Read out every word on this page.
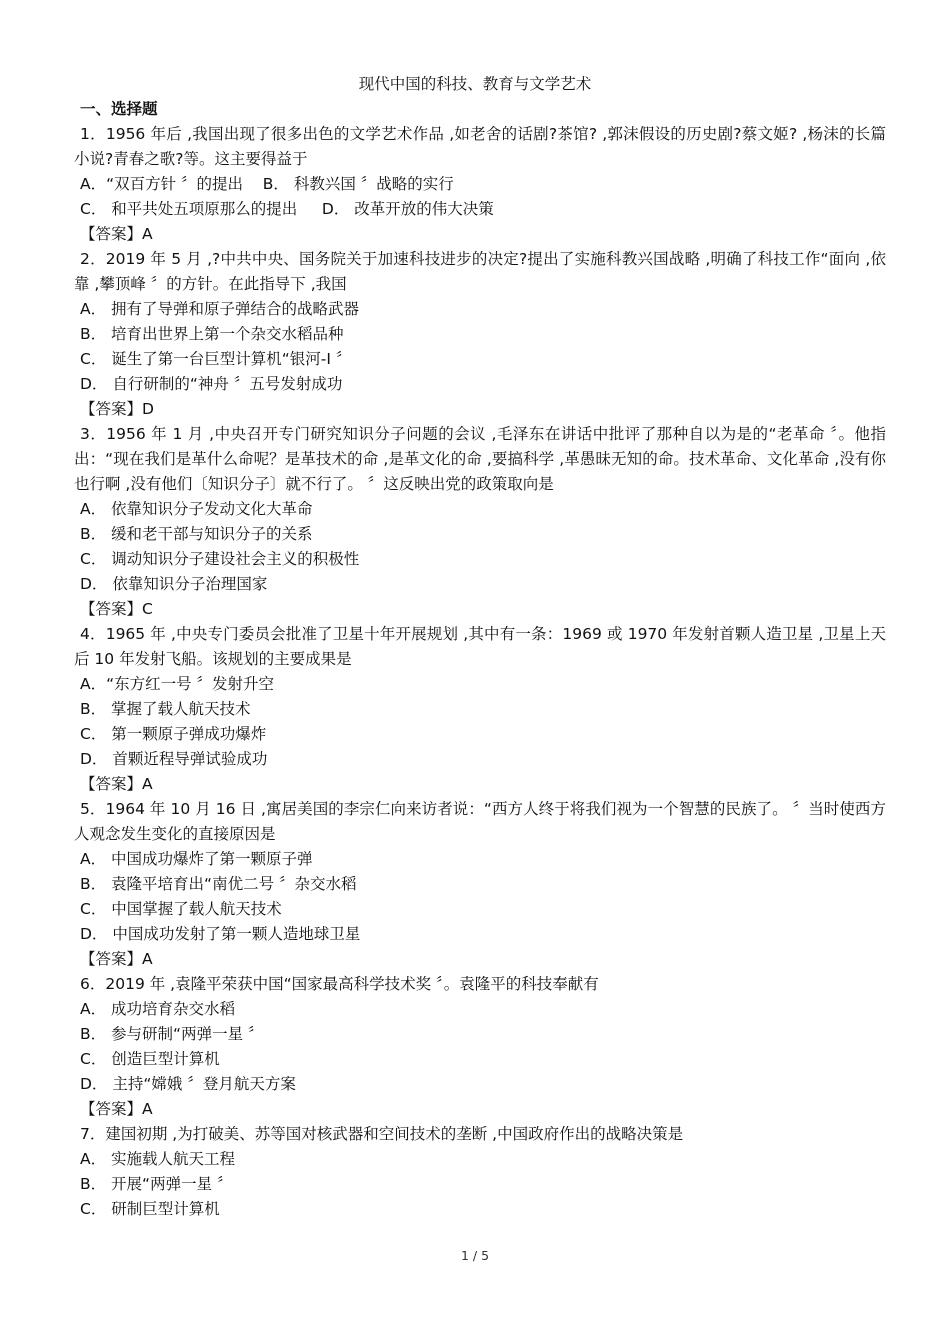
现代中国的科技、教育与文学艺术
一、选择题
1．1956 年后 ,我国出现了很多出色的文学艺术作品 ,如老舍的话剧?茶馆? ,郭沫假设的历史剧?蔡文姬? ,杨沫的长篇小说?青春之歌?等。这主要得益于
A．“双百方针 〞的提出    B． 科教兴国 〞战略的实行
C． 和平共处五项原那么的提出     D． 改革开放的伟大决策
【答案】A
2．2019 年 5 月 ,?中共中央、国务院关于加速科技进步的决定?提出了实施科教兴国战略 ,明确了科技工作“面向 ,依靠 ,攀顶峰 〞的方针。在此指导下 ,我国
A． 拥有了导弹和原子弹结合的战略武器
B． 培育出世界上第一个杂交水稻品种
C． 诞生了第一台巨型计算机“银河-I 〞
D． 自行研制的“神舟 〞五号发射成功
【答案】D
3．1956 年 1 月 ,中央召开专门研究知识分子问题的会议 ,毛泽东在讲话中批评了那种自以为是的“老革命 〞。他指出：“现在我们是革什么命呢？是革技术的命 ,是革文化的命 ,要搞科学 ,革愚昧无知的命。技术革命、文化革命 ,没有你也行啊 ,没有他们〔知识分子〕就不行了。 〞这反映出党的政策取向是
A． 依靠知识分子发动文化大革命
B． 缓和老干部与知识分子的关系
C． 调动知识分子建设社会主义的积极性
D． 依靠知识分子治理国家
【答案】C
4．1965 年 ,中央专门委员会批准了卫星十年开展规划 ,其中有一条：1969 或 1970 年发射首颗人造卫星 ,卫星上天后 10 年发射飞船。该规划的主要成果是
A．“东方红一号 〞发射升空
B． 掌握了载人航天技术
C． 第一颗原子弹成功爆炸
D． 首颗近程导弹试验成功
【答案】A
5．1964 年 10 月 16 日 ,寓居美国的李宗仁向来访者说：“西方人终于将我们视为一个智慧的民族了。 〞当时使西方人观念发生变化的直接原因是
A． 中国成功爆炸了第一颗原子弹
B． 袁隆平培育出“南优二号 〞杂交水稻
C． 中国掌握了载人航天技术
D． 中国成功发射了第一颗人造地球卫星
【答案】A
6．2019 年 ,袁隆平荣获中国“国家最高科学技术奖 〞。袁隆平的科技奉献有
A． 成功培育杂交水稻
B． 参与研制“两弹一星 〞
C． 创造巨型计算机
D． 主持“嫦娥 〞登月航天方案
【答案】A
7．建国初期 ,为打破美、苏等国对核武器和空间技术的垄断 ,中国政府作出的战略决策是
A． 实施载人航天工程
B． 开展“两弹一星 〞
C． 研制巨型计算机
1 / 5
